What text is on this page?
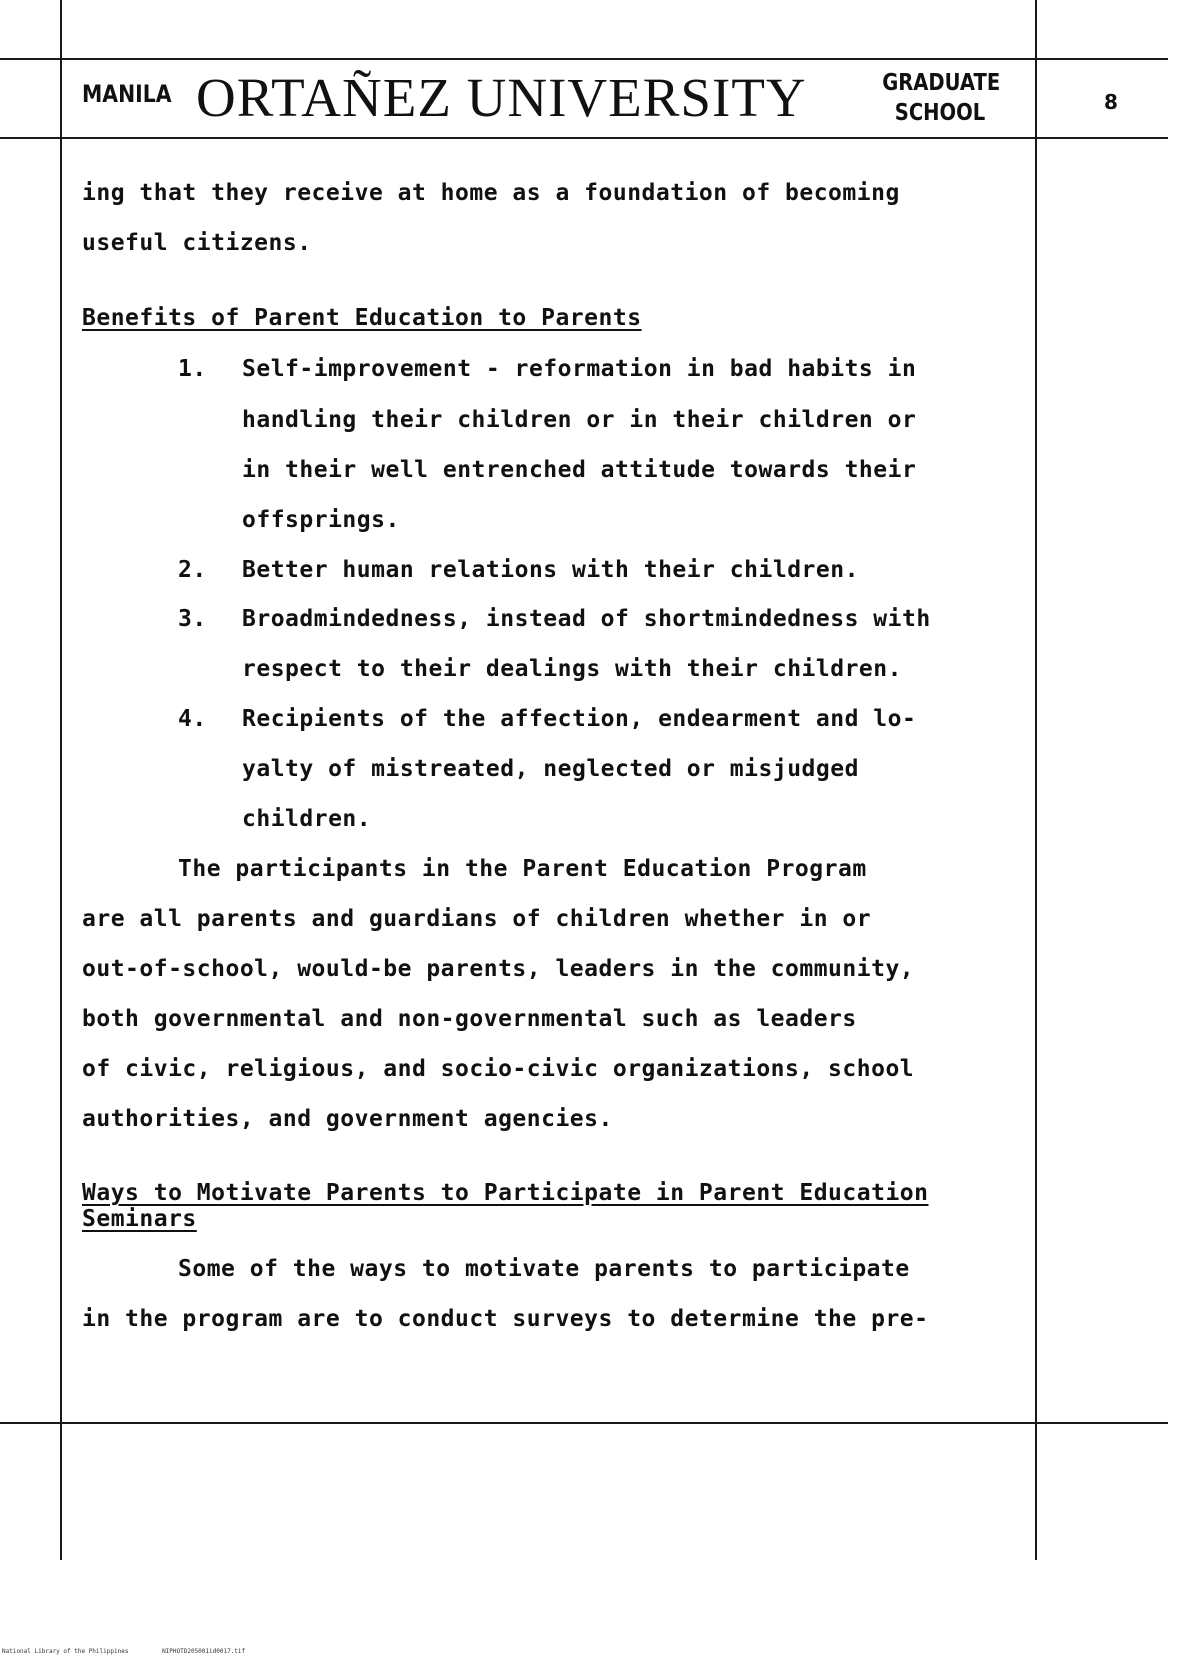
MANILA ORTAÑEZ UNIVERSITY	GRADUATE
SCHOOL	8
ing that they receive at home as a foundation of becoming
useful citizens.
Benefits of Parent Education to Parents
1. Self-improvement - reformation in bad habits in
handling their children or in their children or
in their well entrenched attitude towards their
offsprings.
2. Better human relations with their children.
3. Broadmindedness, instead of shortmindedness with
respect to their dealings with their children.
4. Recipients of the affection, endearment and lo-
yalty of mistreated, neglected or misjudged
children.
The participants in the Parent Education Program
are all parents and guardians of children whether in or
out-of-school, would-be parents, leaders in the community,
both governmental and non-governmental such as leaders
of civic, religious, and socio-civic organizations, school
authorities, and government agencies.
Ways to Motivate Parents to Participate in Parent Education
Seminars
Some of the ways to motivate parents to participate
in the program are to conduct surveys to determine the pre-
National Library of the Philippines	NIPHOTD205001id0017.tif
